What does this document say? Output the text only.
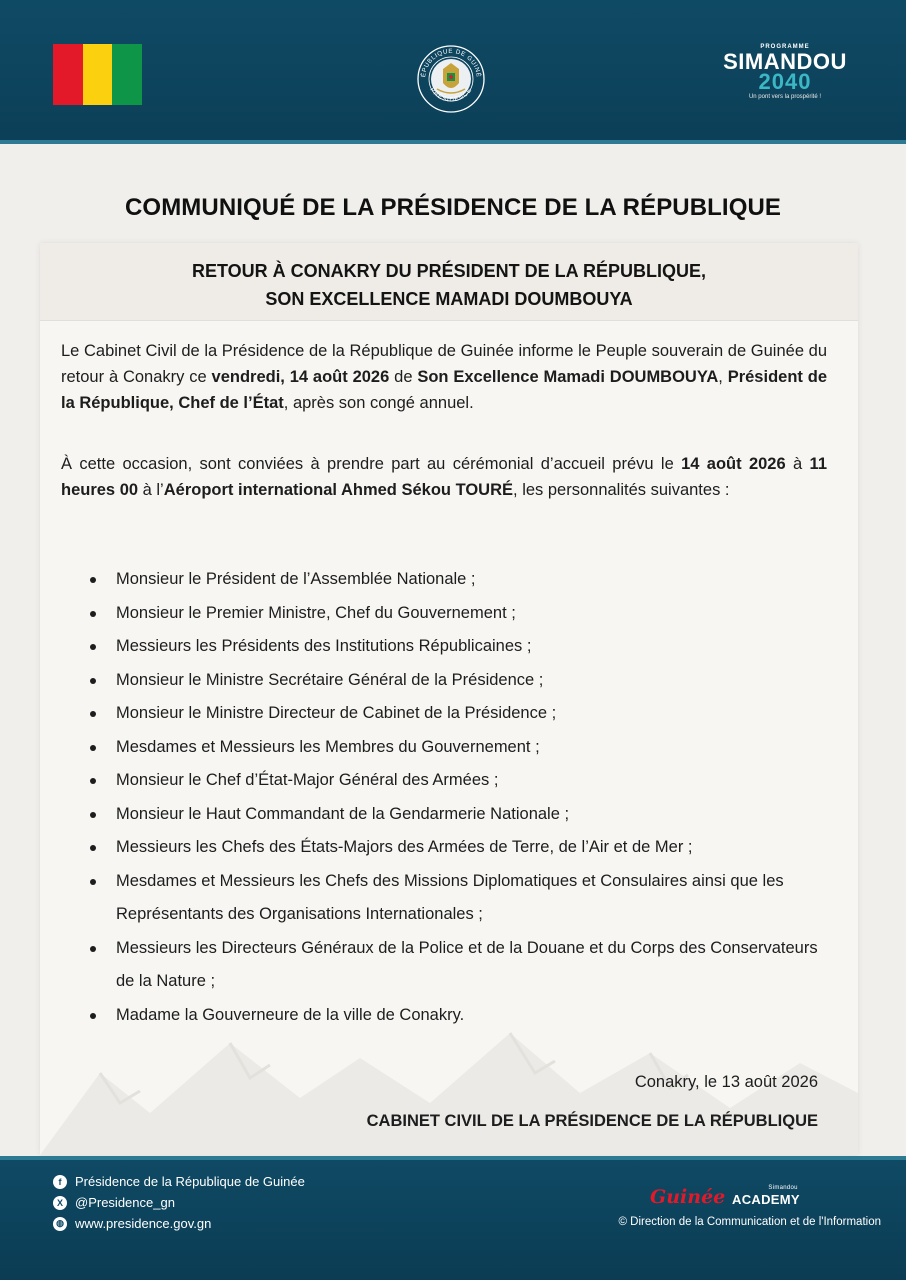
ÉPUBLIQUE DE GUINÉ
PRÉSIDENCE
PROGRAMME
SIMANDOU
2040
Un pont vers la prospérité !
COMMUNIQUÉ DE LA PRÉSIDENCE DE LA RÉPUBLIQUE
RETOUR À CONAKRY DU PRÉSIDENT DE LA RÉPUBLIQUE,
SON EXCELLENCE MAMADI DOUMBOUYA

Le Cabinet Civil de la Présidence de la République de Guinée informe le Peuple souverain de Guinée du retour à Conakry ce vendredi, 14 août 2026 de Son Excellence Mamadi DOUMBOUYA, Président de la République, Chef de l’État, après son congé annuel.

À cette occasion, sont conviées à prendre part au cérémonial d’accueil prévu le 14 août 2026 à 11 heures 00 à l’Aéroport international Ahmed Sékou TOURÉ, les personnalités suivantes :

Monsieur le Président de l’Assemblée Nationale ;
Monsieur le Premier Ministre, Chef du Gouvernement ;
Messieurs les Présidents des Institutions Républicaines ;
Monsieur le Ministre Secrétaire Général de la Présidence ;
Monsieur le Ministre Directeur de Cabinet de la Présidence ;
Mesdames et Messieurs les Membres du Gouvernement ;
Monsieur le Chef d’État-Major Général des Armées ;
Monsieur le Haut Commandant de la Gendarmerie Nationale ;
Messieurs les Chefs des États-Majors des Armées de Terre, de l’Air et de Mer ;
Mesdames et Messieurs les Chefs des Missions Diplomatiques et Consulaires ainsi que les Représentants des Organisations Internationales ;
Messieurs les Directeurs Généraux de la Police et de la Douane et du Corps des Conservateurs de la Nature ;
Madame la Gouverneure de la ville de Conakry.
Conakry, le 13 août 2026
CABINET CIVIL DE LA PRÉSIDENCE DE LA RÉPUBLIQUE
f	Présidence de la République de Guinée
X @Presidence_gn
◍ www.presidence.gov.gn
Guinée	Simandou
ACADEMY
© Direction de la Communication et de l'Information
